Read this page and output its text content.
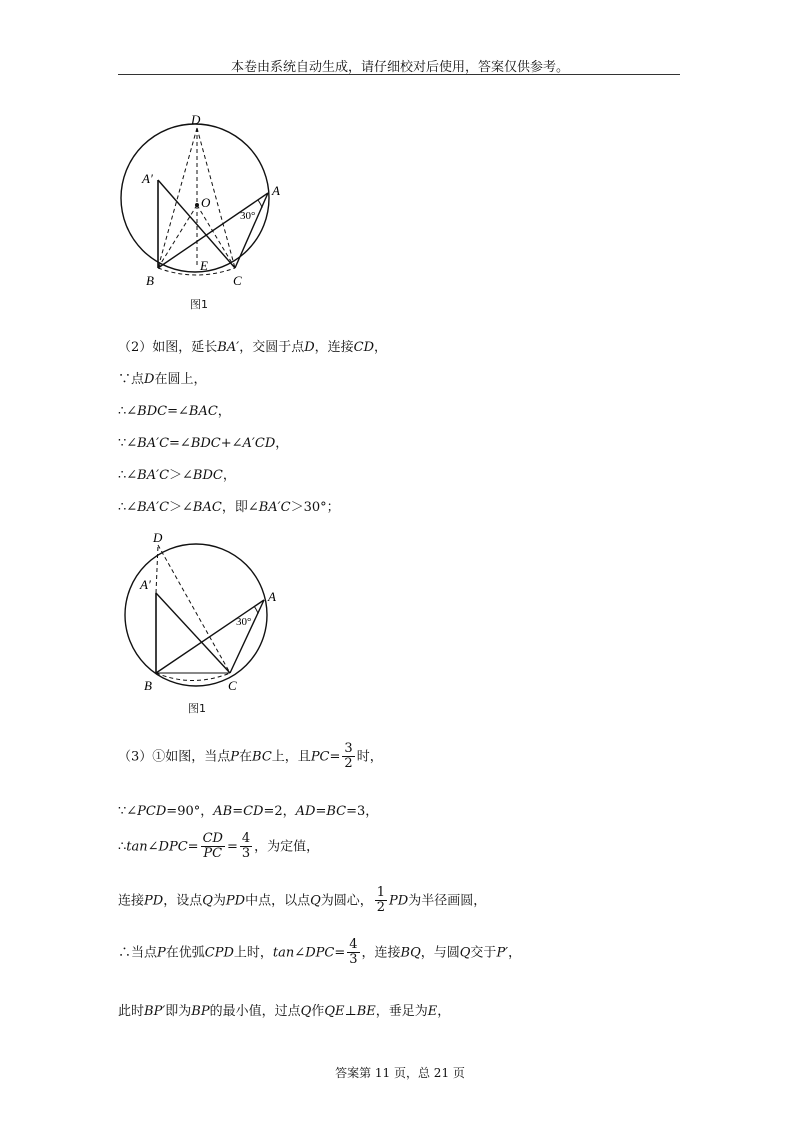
本卷由系统自动生成，请仔细校对后使用，答案仅供参考。
D
A′
O
A
30°
B
E
C
图1
（2）如图，延长BA′，交圆于点D，连接CD，
∵点D在圆上，
∴∠BDC=∠BAC，
∵∠BA′C=∠BDC+∠A′CD，
∴∠BA′C＞∠BDC，
∴∠BA′C＞∠BAC，即∠BA′C＞30°；
D
A′
A
30°
B	C
图1
（3）①如图，当点P在BC上，且$PC= \frac{3}{2}$ 时，
∵∠PCD=90°，AB=CD=2，AD=BC=3，
∴tan∠DPC= $\frac{CD}{PC} = \frac{4}{3}$ ，为定值，
连接PD，设点Q为PD中点，以点Q为圆心， $\frac{1}{2}$ PD为半径画圆，
∴当点P在优弧CPD上时，tan∠DPC= $\frac{4}{3}$ ，连接BQ，与圆Q交于P′，
此时BP′即为BP的最小值，过点Q作QE⊥BE，垂足为E，
答案第 11 页，总 21 页
